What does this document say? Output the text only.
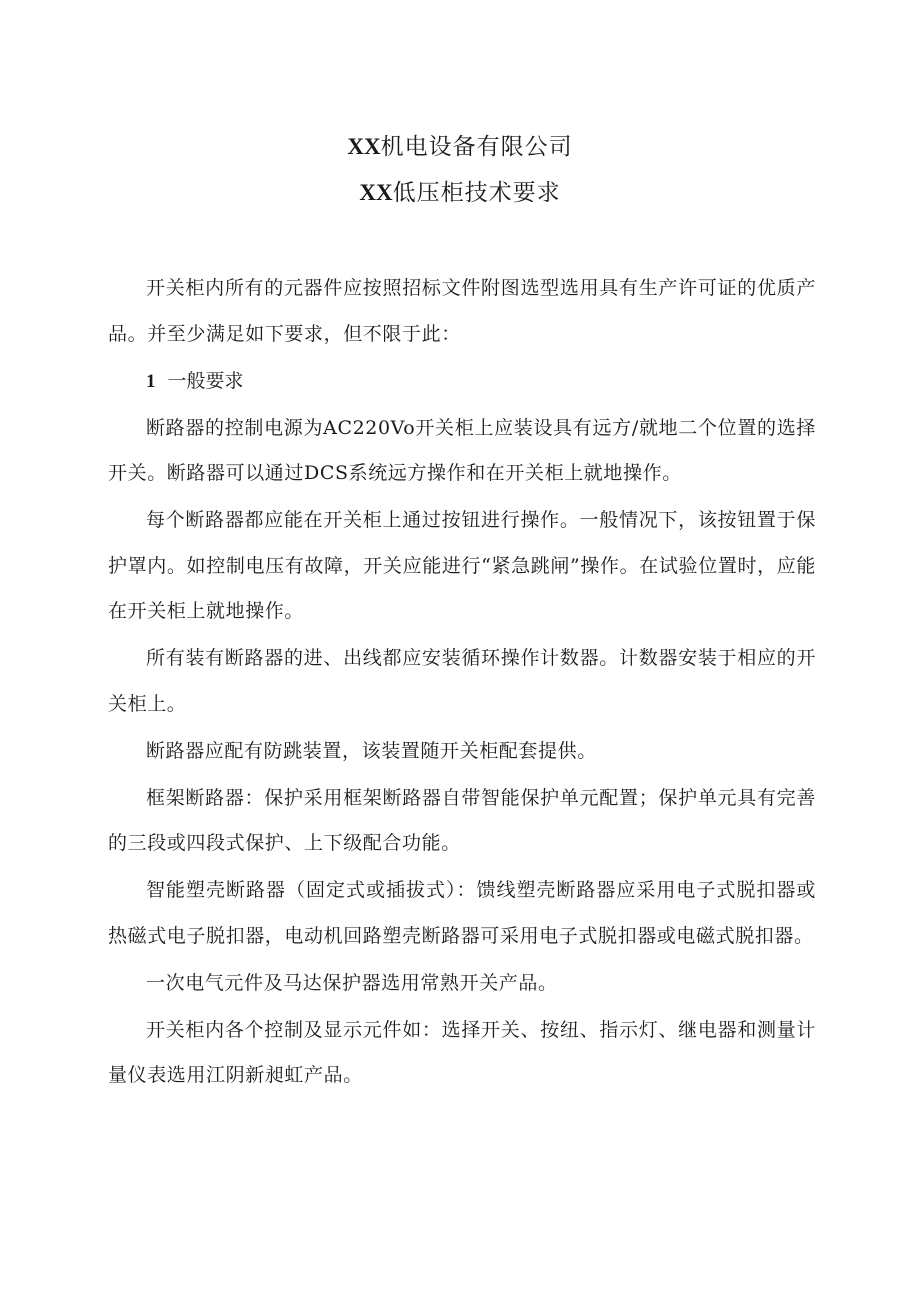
XX机电设备有限公司
XX低压柜技术要求

开关柜内所有的元器件应按照招标文件附图选型选用具有生产许可证的优质产品。并至少满足如下要求，但不限于此：

1 一般要求

断路器的控制电源为AC220Vo开关柜上应装设具有远方/就地二个位置的选择开关。断路器可以通过DCS系统远方操作和在开关柜上就地操作。

每个断路器都应能在开关柜上通过按钮进行操作。一般情况下，该按钮置于保护罩内。如控制电压有故障，开关应能进行“紧急跳闸”操作。在试验位置时，应能在开关柜上就地操作。

所有装有断路器的进、出线都应安装循环操作计数器。计数器安装于相应的开关柜上。

断路器应配有防跳装置，该装置随开关柜配套提供。

框架断路器：保护采用框架断路器自带智能保护单元配置；保护单元具有完善的三段或四段式保护、上下级配合功能。

智能塑壳断路器（固定式或插拔式）：馈线塑壳断路器应采用电子式脱扣器或热磁式电子脱扣器，电动机回路塑壳断路器可采用电子式脱扣器或电磁式脱扣器。

一次电气元件及马达保护器选用常熟开关产品。

开关柜内各个控制及显示元件如：选择开关、按纽、指示灯、继电器和测量计量仪表选用江阴新昶虹产品。
